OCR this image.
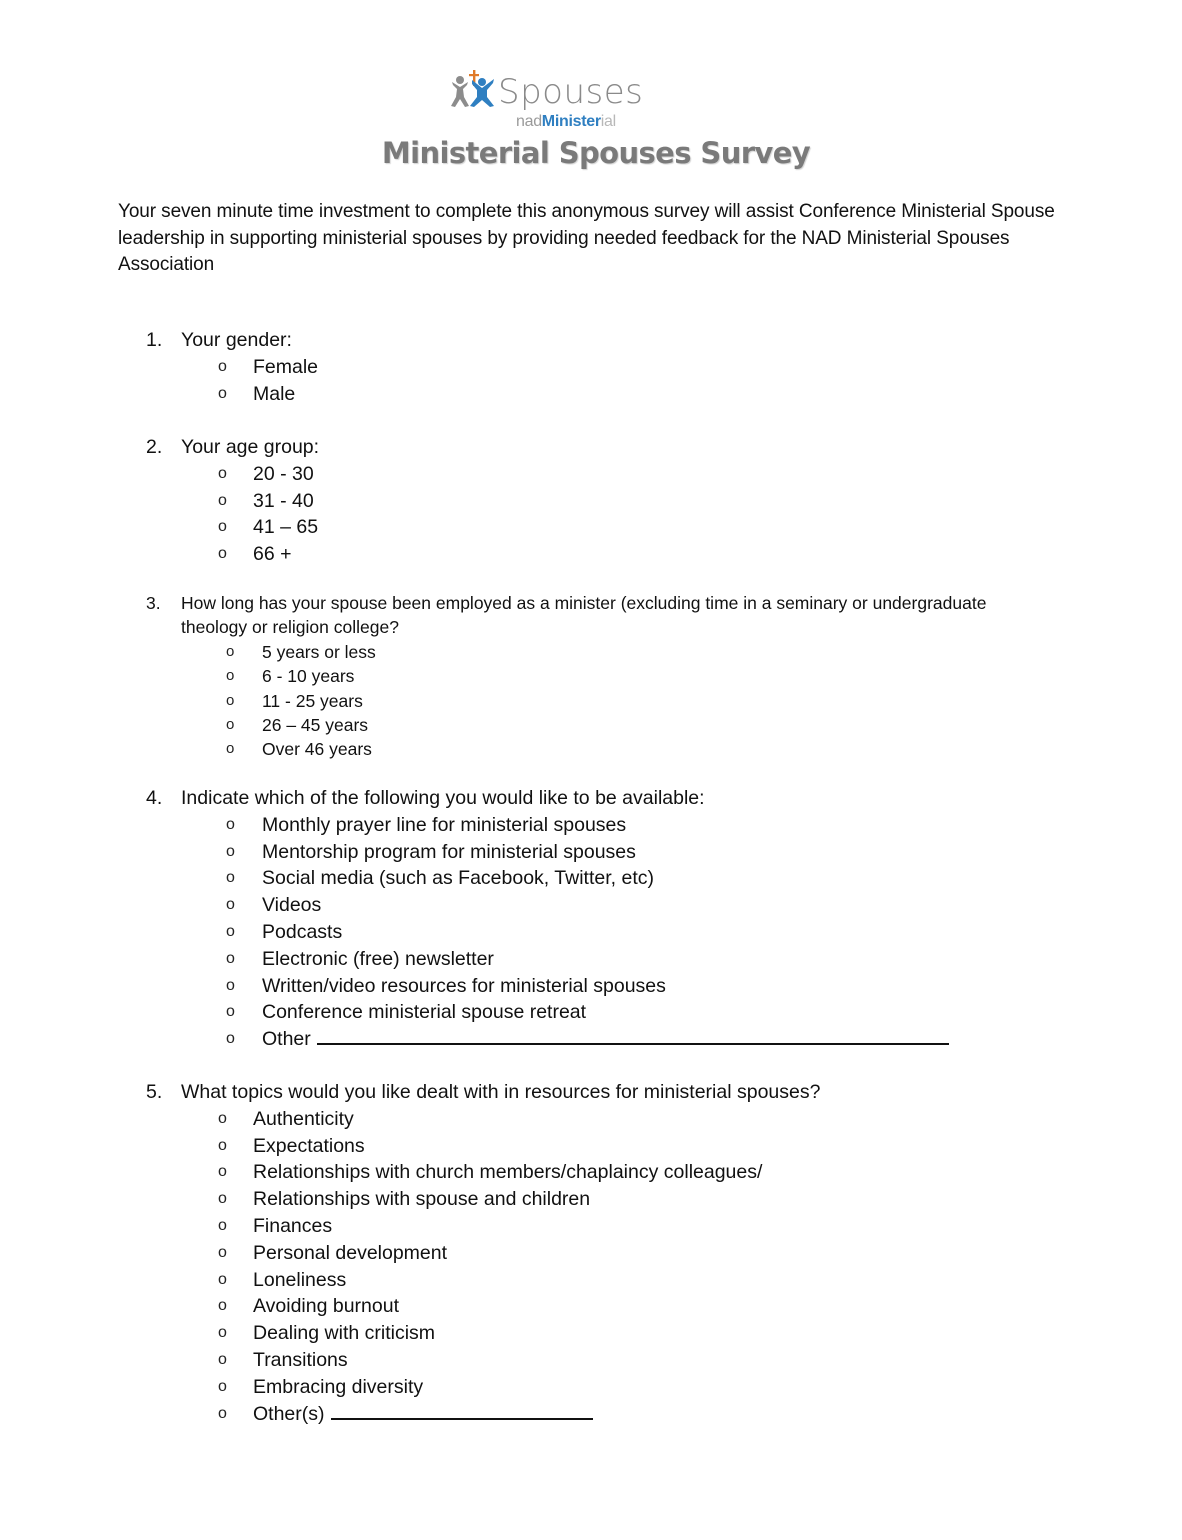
Spouses
nadMinisterial
Ministerial Spouses Survey

Your seven minute time investment to complete this anonymous survey will assist Conference Ministerial Spouse leadership in supporting ministerial spouses by providing needed feedback for the NAD Ministerial Spouses Association

1. Your gender:
o Female
o Male
2. Your age group:
o 20 - 30
o 31 - 40
o 41 – 65
o 66 +
3. How long has your spouse been employed as a minister (excluding time in a seminary or undergraduate theology or religion college?
o 5 years or less
o 6 - 10 years
o 11 - 25 years
o 26 – 45 years
o Over 46 years
4. Indicate which of the following you would like to be available:
o Monthly prayer line for ministerial spouses
o Mentorship program for ministerial spouses
o Social media (such as Facebook, Twitter, etc)
o Videos
o Podcasts
o Electronic (free) newsletter
o Written/video resources for ministerial spouses
o Conference ministerial spouse retreat
o Other
5. What topics would you like dealt with in resources for ministerial spouses?
o Authenticity
o Expectations
o Relationships with church members/chaplaincy colleagues/
o Relationships with spouse and children
o Finances
o Personal development
o Loneliness
o Avoiding burnout
o Dealing with criticism
o Transitions
o Embracing diversity
o Other(s)
